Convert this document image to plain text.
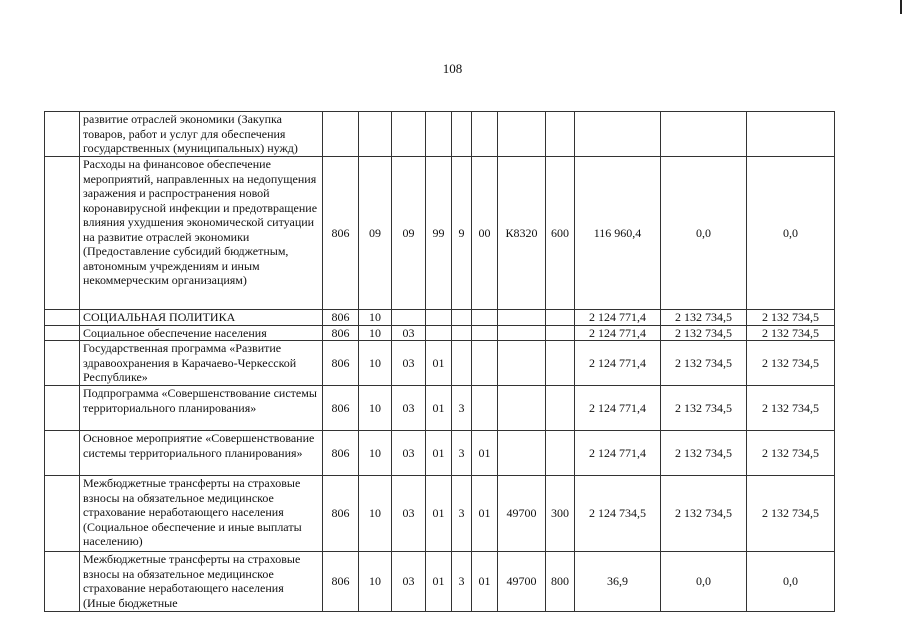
108
	развитие отраслей экономики (Закупка товаров, работ и услуг для обеспечения государственных (муниципальных) нужд)											
	Расходы на финансовое обеспечение мероприятий, направленных на недопущения заражения и распространения новой коронавирусной инфекции и предотвращение влияния ухудшения экономической ситуации на развитие отраслей экономики (Предоставление субсидий бюджетным, автономным учреждениям и иным некоммерческим организациям)	806	09	09	99	9	00	К8320	600	116 960,4	0,0	0,0
	СОЦИАЛЬНАЯ ПОЛИТИКА	806	10							2 124 771,4	2 132 734,5	2 132 734,5
	Социальное обеспечение населения	806	10	03						2 124 771,4	2 132 734,5	2 132 734,5
	Государственная программа «Развитие здравоохранения в Карачаево-Черкесской Республике»	806	10	03	01					2 124 771,4	2 132 734,5	2 132 734,5
	Подпрограмма «Совершенствование системы территориального планирования»	806	10	03	01	3				2 124 771,4	2 132 734,5	2 132 734,5
	Основное мероприятие «Совершенствование системы территориального планирования»	806	10	03	01	3	01			2 124 771,4	2 132 734,5	2 132 734,5
	Межбюджетные трансферты на страховые взносы на обязательное медицинское страхование неработающего населения (Социальное обеспечение и иные выплаты населению)	806	10	03	01	3	01	49700	300	2 124 734,5	2 132 734,5	2 132 734,5
	Межбюджетные трансферты на страховые взносы на обязательное медицинское страхование неработающего населения (Иные бюджетные	806	10	03	01	3	01	49700	800	36,9	0,0	0,0
